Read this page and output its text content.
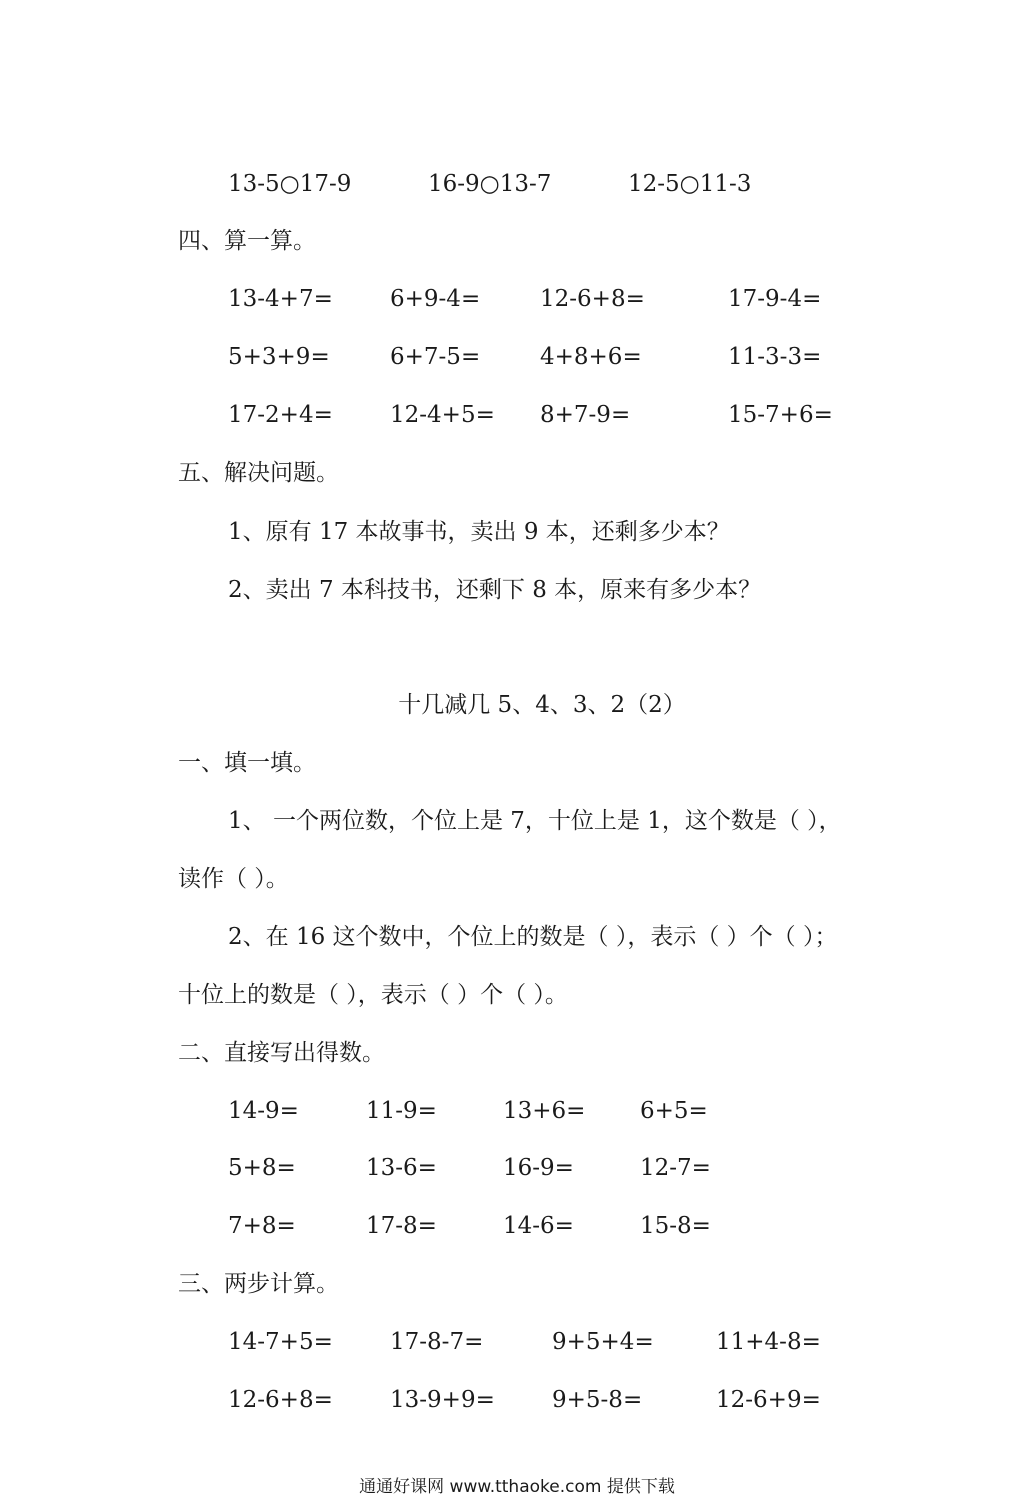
13-5○17-9	16-9○13-7	12-5○11-3
四、算一算。
13-4+7= 6+9-4=	12-6+8=	17-9-4=
5+3+9=	6+7-5=	4+8+6=	11-3-3=
17-2+4= 12-4+5= 8+7-9=	15-7+6=
五、解决问题。
1、原有 17 本故事书，卖出 9 本，还剩多少本？
2、卖出 7 本科技书，还剩下 8 本，原来有多少本？
十几减几 5、4、3、2（2）
一、填一填。
1、 一个两位数，个位上是 7，十位上是 1，这个数是（ ），
读作（ ）。
2、在 16 这个数中，个位上的数是（ ），表示（ ）个（ ）；
十位上的数是（ ），表示（ ）个（ ）。
二、直接写出得数。
14-9=	11-9=	13+6= 6+5=
5+8=	13-6=	16-9=	12-7=
7+8=	17-8=	14-6=	15-8=
三、两步计算。
14-7+5= 17-8-7=	9+5+4=	11+4-8=
12-6+8= 13-9+9= 9+5-8=	12-6+9=
通通好课网 www.tthaoke.com 提供下载
